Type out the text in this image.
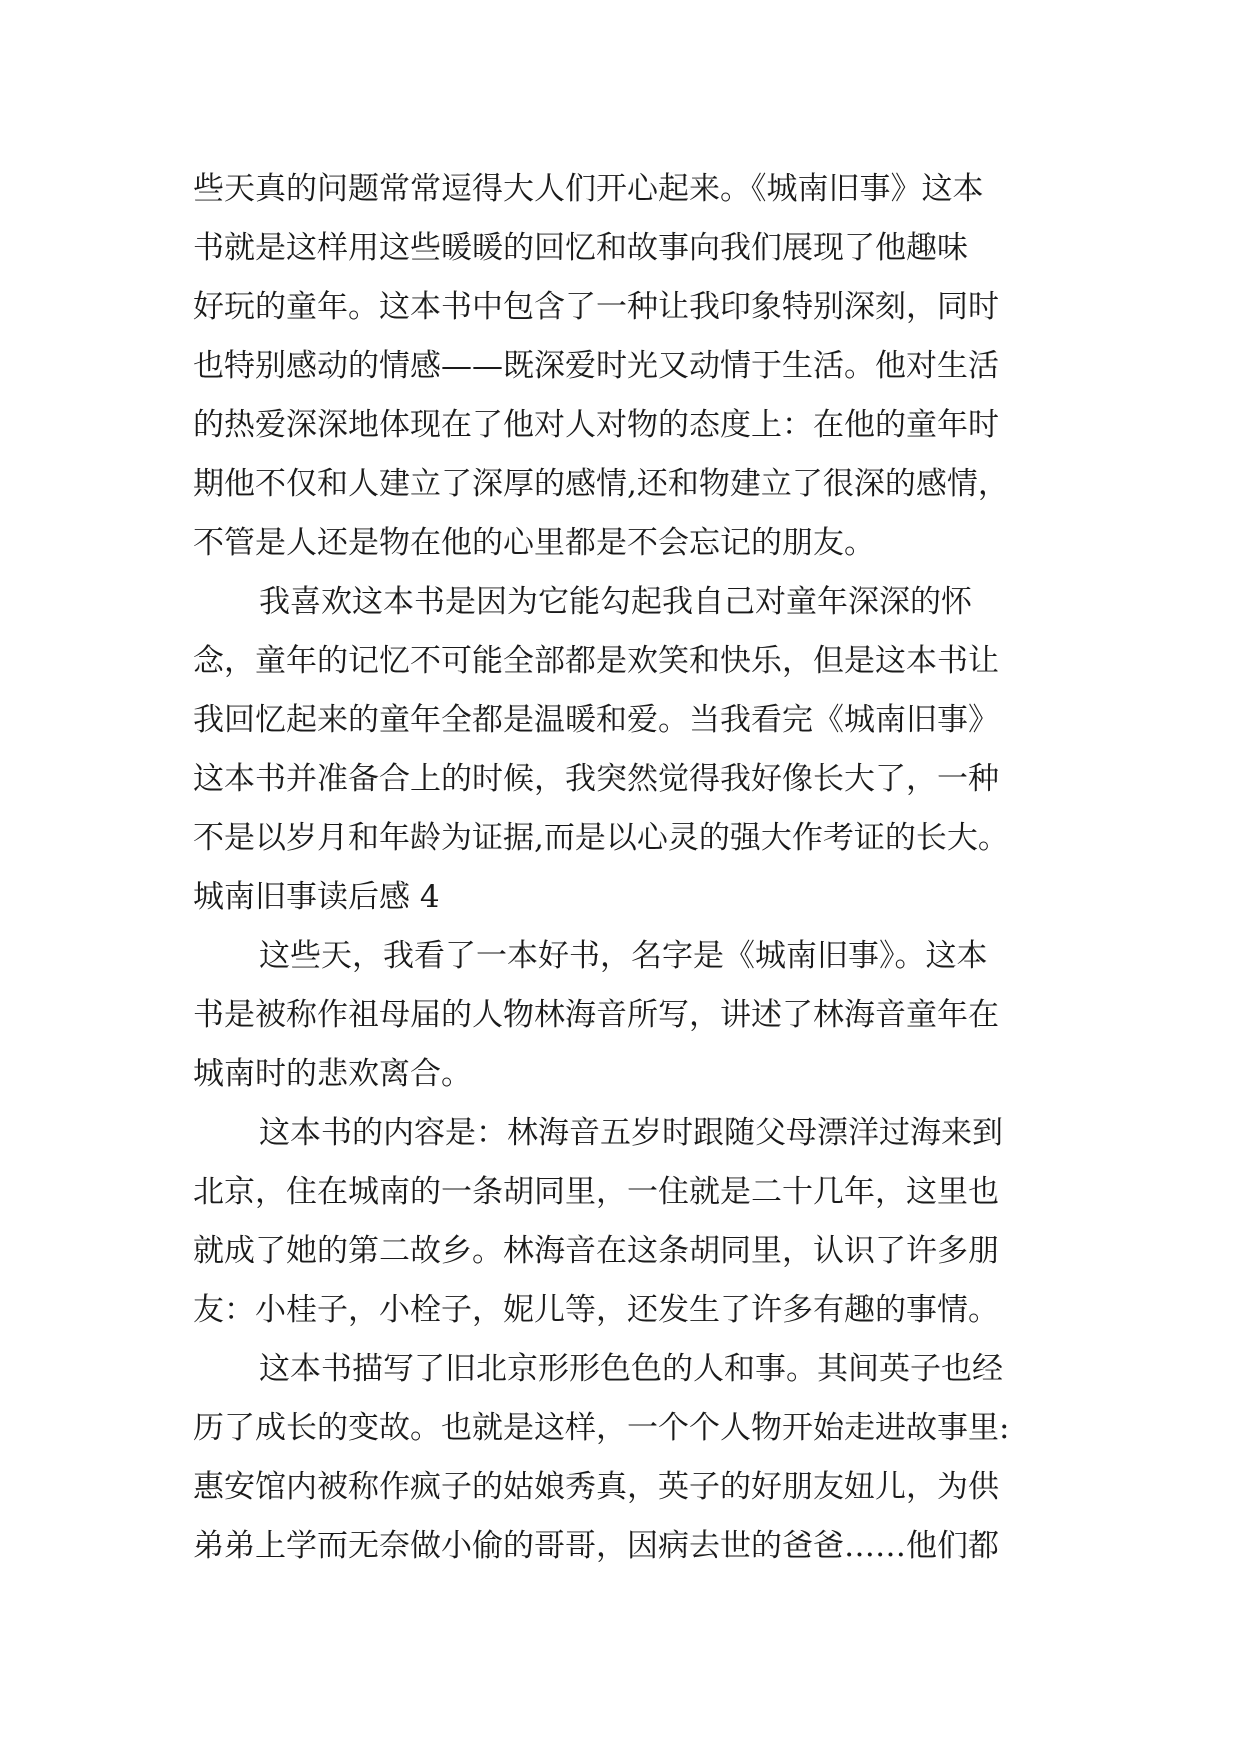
些天真的问题常常逗得大人们开心起来。《城南旧事》这本
书就是这样用这些暖暖的回忆和故事向我们展现了他趣味
好玩的童年。这本书中包含了一种让我印象特别深刻，同时
也特别感动的情感——既深爱时光又动情于生活。他对生活
的热爱深深地体现在了他对人对物的态度上：在他的童年时
期他不仅和人建立了深厚的感情,还和物建立了很深的感情，
不管是人还是物在他的心里都是不会忘记的朋友。
我喜欢这本书是因为它能勾起我自己对童年深深的怀
念，童年的记忆不可能全部都是欢笑和快乐，但是这本书让
我回忆起来的童年全都是温暖和爱。当我看完《城南旧事》
这本书并准备合上的时候，我突然觉得我好像长大了，一种
不是以岁月和年龄为证据,而是以心灵的强大作考证的长大。
城南旧事读后感 4
这些天，我看了一本好书，名字是《城南旧事》。这本
书是被称作祖母届的人物林海音所写，讲述了林海音童年在
城南时的悲欢离合。
这本书的内容是：林海音五岁时跟随父母漂洋过海来到
北京，住在城南的一条胡同里，一住就是二十几年，这里也
就成了她的第二故乡。林海音在这条胡同里，认识了许多朋
友：小桂子，小栓子，妮儿等，还发生了许多有趣的事情。
这本书描写了旧北京形形色色的人和事。其间英子也经
历了成长的变故。也就是这样，一个个人物开始走进故事里:
惠安馆内被称作疯子的姑娘秀真，英子的好朋友妞儿，为供
弟弟上学而无奈做小偷的哥哥，因病去世的爸爸……他们都
